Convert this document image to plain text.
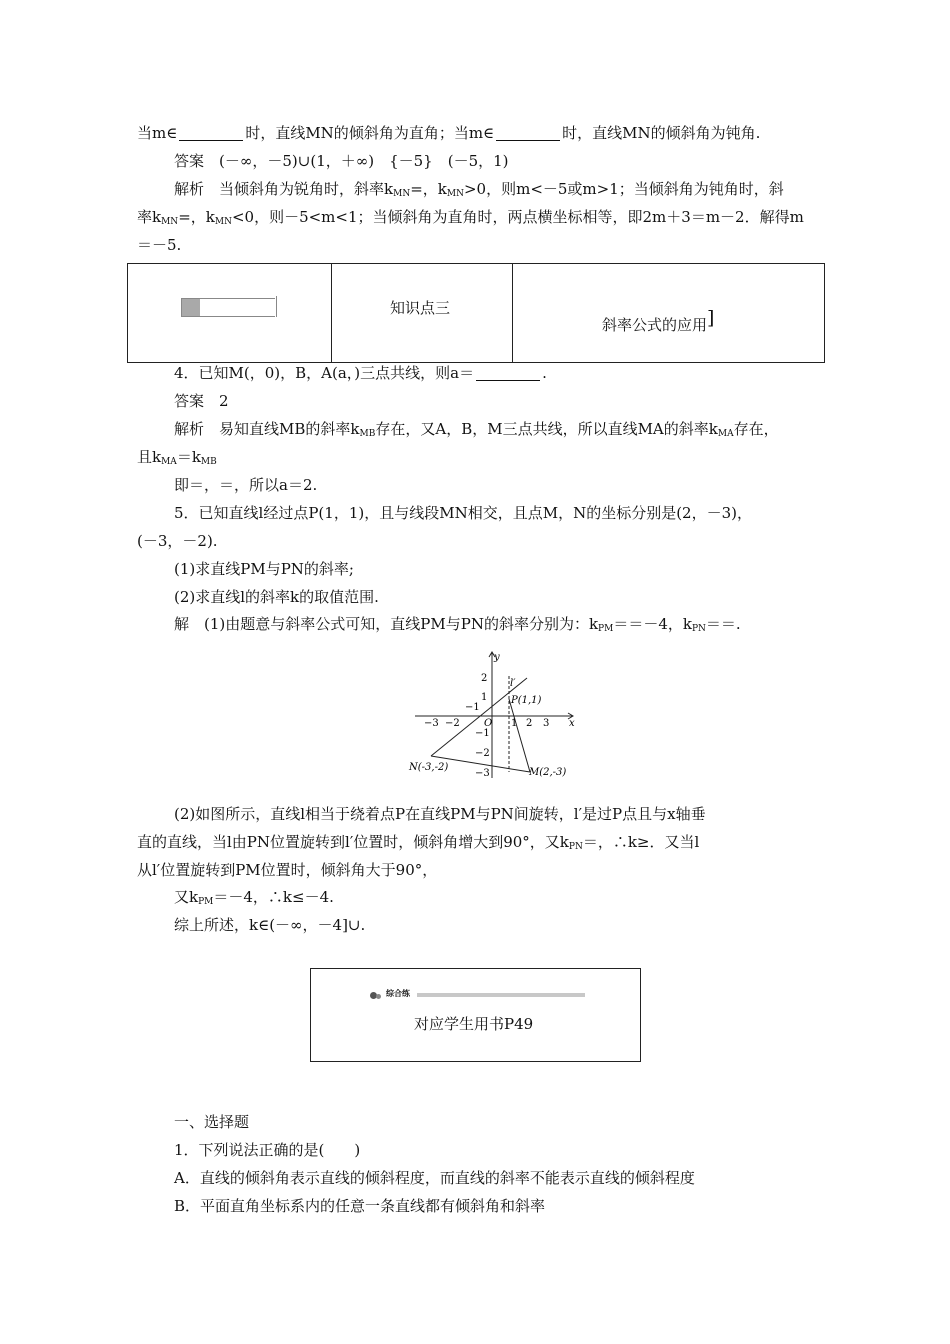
当m∈	时，直线MN的倾斜角为直角；当m∈	时，直线MN的倾斜角为钝角.
答案　 (－∞，－5)∪(1，＋∞)　{－5}　(－5，1)
解析　 当倾斜角为锐角时，斜率$k_{MN}=$，$k_{MN}>0$，则m<－5或m>1；当倾斜角为钝角时，斜
率$k_{MN}=$，$k_{MN}<0$，则－5<m<1；当倾斜角为直角时，两点横坐标相等，即2m＋3＝m－2．解得m
＝－5.
知识点三
斜率公式的应用]
4．已知M(，0)，B，A(a，)三点共线，则a＝	.
答案　 2
解析　 易知直线MB的斜率$k_{MB}$存在，又A，B，M三点共线，所以直线MA的斜率$k_{MA}$存在，
且$k_{MA}=k_{MB}$
即＝，＝，所以a＝2.
5．已知直线l经过点P(1，1)，且与线段MN相交，且点M，N的坐标分别是(2，－3)，
(－3，－2).
(1)求直线PM与PN的斜率;
(2)求直线l的斜率k的取值范围.
解　 (1)由题意与斜率公式可知，直线PM与PN的斜率分别为：$k_{PM}==-4$，$k_{PN}==$.
y
x
O
l′
P(1,1)
N(-3,-2)	M(2,-3)
−3 −2
−1
1 2 3
2
1
−1
−2
−3
(2)如图所示，直线l相当于绕着点P在直线PM与PN间旋转，l′是过P点且与x轴垂
直的直线，当l由PN位置旋转到l′位置时，倾斜角增大到90°，又$k_{PN}=$，∴k≥．又当l
从l′位置旋转到PM位置时，倾斜角大于90°，
又$k_{PM}=-4$，∴k≤－4.
综上所述，k∈(－∞，－4]∪.
综合练
对应学生用书P49
一、选择题
1．下列说法正确的是(　　)
A．直线的倾斜角表示直线的倾斜程度，而直线的斜率不能表示直线的倾斜程度
B．平面直角坐标系内的任意一条直线都有倾斜角和斜率
